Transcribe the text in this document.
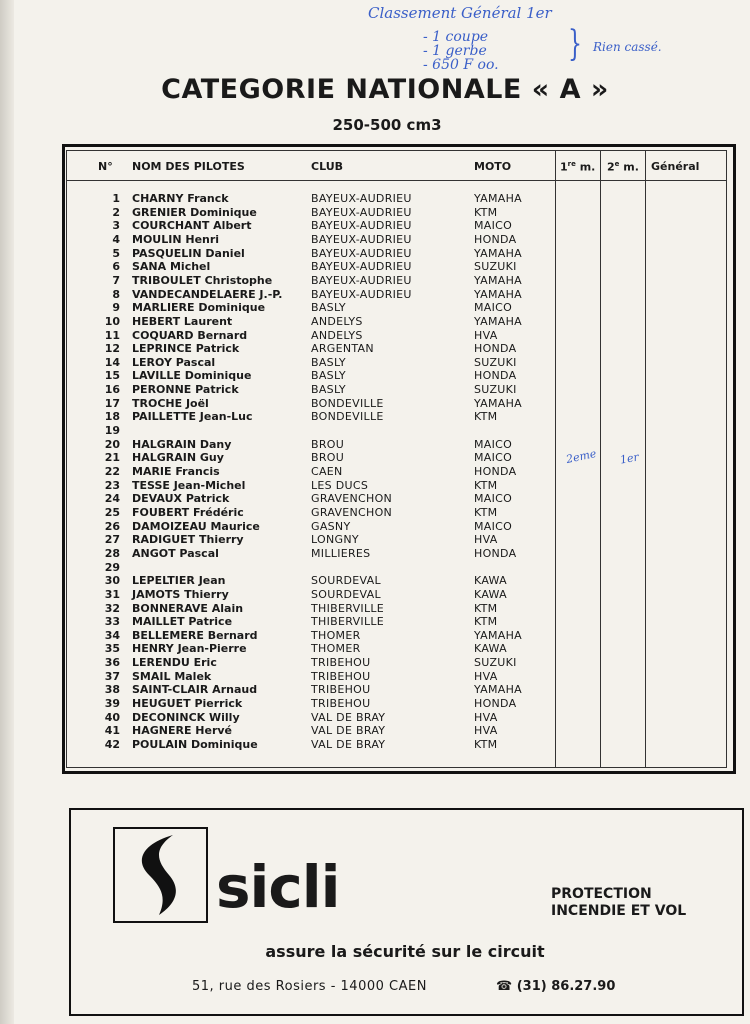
Classement Général 1er
- 1 coupe
- 1 gerbe
- 650 F oo.
} Rien cassé.
CATEGORIE NATIONALE « A »
250-500 cm3
N° NOM DES PILOTES	CLUB	MOTO	1re m. 2e m. Général
1 CHARNY Franck	BAYEUX-AUDRIEU	YAMAHA
2 GRENIER Dominique	BAYEUX-AUDRIEU	KTM
3 COURCHANT Albert	BAYEUX-AUDRIEU	MAICO
4 MOULIN Henri	BAYEUX-AUDRIEU	HONDA
5 PASQUELIN Daniel	BAYEUX-AUDRIEU	YAMAHA
6 SANA Michel	BAYEUX-AUDRIEU	SUZUKI
7 TRIBOULET Christophe	BAYEUX-AUDRIEU	YAMAHA
8 VANDECANDELAERE J.-P.	BAYEUX-AUDRIEU	YAMAHA
9 MARLIERE Dominique	BASLY	MAICO
10 HEBERT Laurent	ANDELYS	YAMAHA
11 COQUARD Bernard	ANDELYS	HVA
12 LEPRINCE Patrick	ARGENTAN	HONDA
14 LEROY Pascal	BASLY	SUZUKI
15 LAVILLE Dominique	BASLY	HONDA
16 PERONNE Patrick	BASLY	SUZUKI
17 TROCHE Joël	BONDEVILLE	YAMAHA
18 PAILLETTE Jean-Luc	BONDEVILLE	KTM
19
20 HALGRAIN Dany	BROU	MAICO
21 HALGRAIN Guy	BROU	MAICO
22 MARIE Francis	CAEN	HONDA
23 TESSE Jean-Michel	LES DUCS	KTM
24 DEVAUX Patrick	GRAVENCHON	MAICO
25 FOUBERT Frédéric	GRAVENCHON	KTM
26 DAMOIZEAU Maurice	GASNY	MAICO
27 RADIGUET Thierry	LONGNY	HVA
28 ANGOT Pascal	MILLIERES	HONDA
29
30 LEPELTIER Jean	SOURDEVAL	KAWA
31 JAMOTS Thierry	SOURDEVAL	KAWA
32 BONNERAVE Alain	THIBERVILLE	KTM
33 MAILLET Patrice	THIBERVILLE	KTM
34 BELLEMERE Bernard	THOMER	YAMAHA
35 HENRY Jean-Pierre	THOMER	KAWA
36 LERENDU Eric	TRIBEHOU	SUZUKI
37 SMAIL Malek	TRIBEHOU	HVA
38 SAINT-CLAIR Arnaud	TRIBEHOU	YAMAHA
39 HEUGUET Pierrick	TRIBEHOU	HONDA
40 DECONINCK Willy	VAL DE BRAY	HVA
41 HAGNERE Hervé	VAL DE BRAY	HVA
42 POULAIN Dominique	VAL DE BRAY	KTM
2eme 1er
sicli	PROTECTION
INCENDIE ET VOL
assure la sécurité sur le circuit
51, rue des Rosiers - 14000 CAEN	☎ (31) 86.27.90
